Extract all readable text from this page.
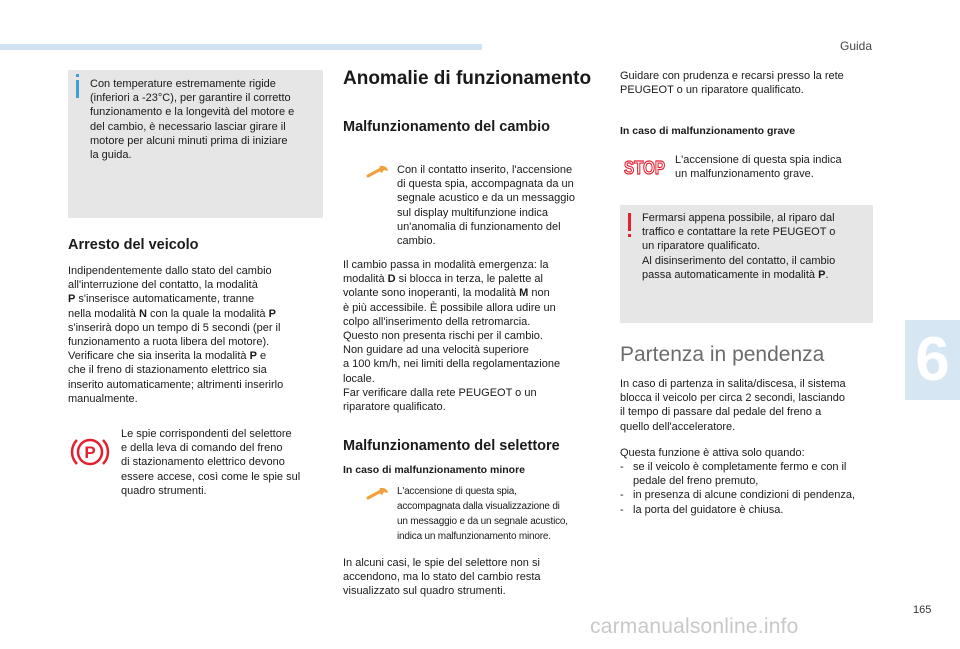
Guida
Con temperature estremamente rigide
(inferiori a -23°C), per garantire il corretto
funzionamento e la longevità del motore e
del cambio, è necessario lasciar girare il
motore per alcuni minuti prima di iniziare
la guida.
Arresto del veicolo
Indipendentemente dallo stato del cambio
all'interruzione del contatto, la modalità
P s'inserisce automaticamente, tranne
nella modalità N con la quale la modalità P
s'inserirà dopo un tempo di 5 secondi (per il
funzionamento a ruota libera del motore).
Verificare che sia inserita la modalità P e
che il freno di stazionamento elettrico sia
inserito automaticamente; altrimenti inserirlo
manualmente.
P
Le spie corrispondenti del selettore
e della leva di comando del freno
di stazionamento elettrico devono
essere accese, così come le spie sul
quadro strumenti.
Anomalie di funzionamento
Malfunzionamento del cambio
Con il contatto inserito, l'accensione
di questa spia, accompagnata da un
segnale acustico e da un messaggio
sul display multifunzione indica
un'anomalia di funzionamento del
cambio.
Il cambio passa in modalità emergenza: la
modalità D si blocca in terza, le palette al
volante sono inoperanti, la modalità M non
è più accessibile. È possibile allora udire un
colpo all'inserimento della retromarcia.
Questo non presenta rischi per il cambio.
Non guidare ad una velocità superiore
a 100 km/h, nei limiti della regolamentazione
locale.
Far verificare dalla rete PEUGEOT o un
riparatore qualificato.
Malfunzionamento del selettore
In caso di malfunzionamento minore
L'accensione di questa spia,
accompagnata dalla visualizzazione di
un messaggio e da un segnale acustico,
indica un malfunzionamento minore.
In alcuni casi, le spie del selettore non si
accendono, ma lo stato del cambio resta
visualizzato sul quadro strumenti.
Guidare con prudenza e recarsi presso la rete
PEUGEOT o un riparatore qualificato.
In caso di malfunzionamento grave
STOP L'accensione di questa spia indica
un malfunzionamento grave.
Fermarsi appena possibile, al riparo dal
traffico e contattare la rete PEUGEOT o
un riparatore qualificato.
Al disinserimento del contatto, il cambio
passa automaticamente in modalità P.
Partenza in pendenza
In caso di partenza in salita/discesa, il sistema
blocca il veicolo per circa 2 secondi, lasciando
il tempo di passare dal pedale del freno a
quello dell'acceleratore.
Questa funzione è attiva solo quando:
- se il veicolo è completamente fermo e con il
pedale del freno premuto,
- in presenza di alcune condizioni di pendenza,
- la porta del guidatore è chiusa.
6
165
carmanualsonline.info
